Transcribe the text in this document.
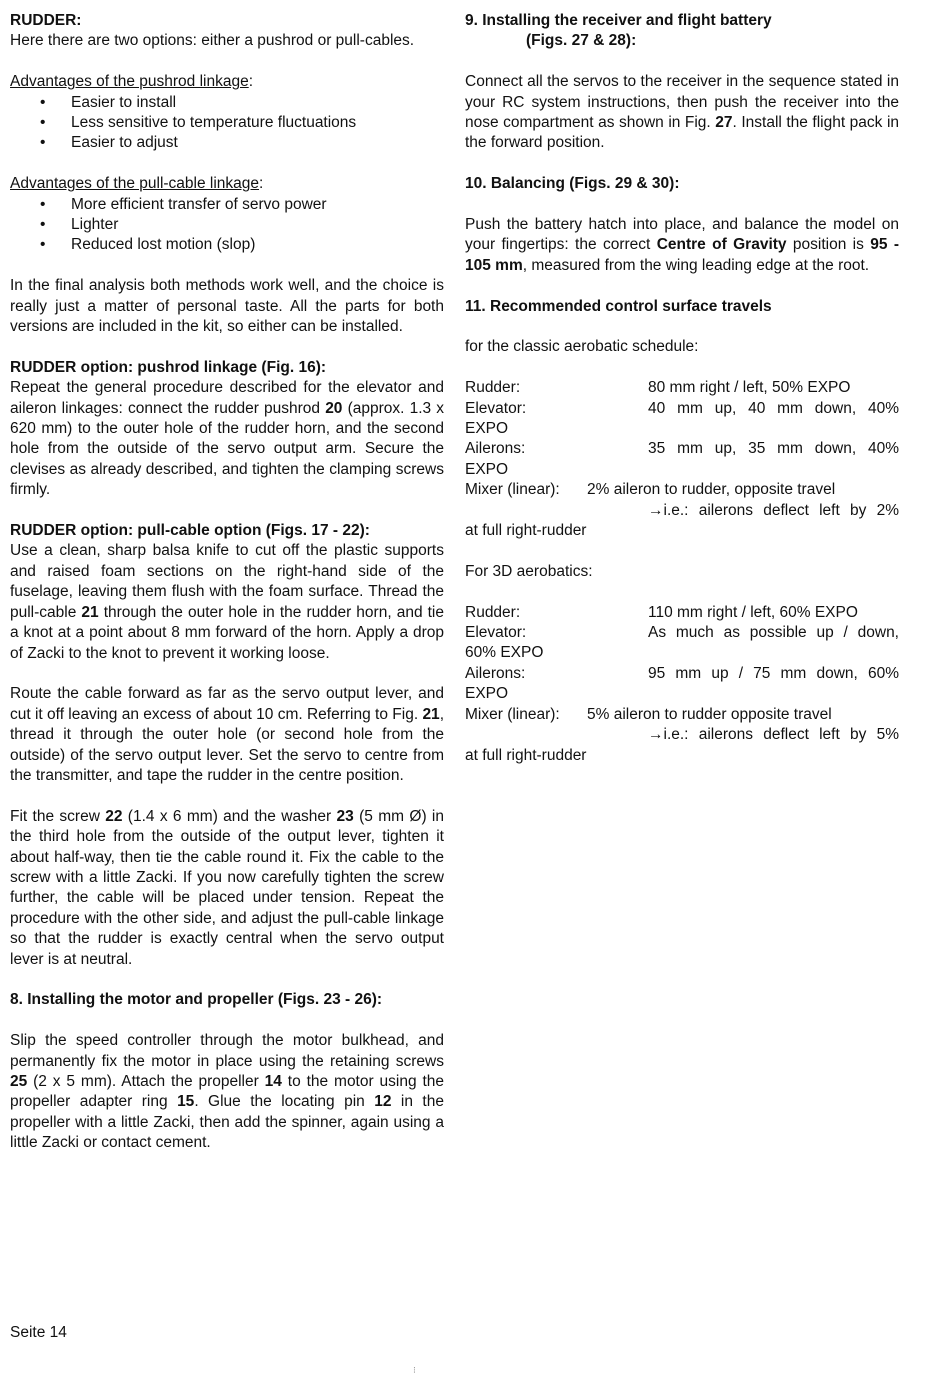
RUDDER:

Here there are two options: either a pushrod or pull-cables.

Advantages of the pushrod linkage:

• Easier to install
• Less sensitive to temperature fluctuations
• Easier to adjust

Advantages of the pull-cable linkage:

• More efficient transfer of servo power
• Lighter
• Reduced lost motion (slop)

In the final analysis both methods work well, and the choice is really just a matter of personal taste. All the parts for both versions are included in the kit, so either can be installed.

RUDDER option: pushrod linkage (Fig. 16):

Repeat the general procedure described for the elevator and aileron linkages: connect the rudder pushrod 20 (approx. 1.3 x 620 mm) to the outer hole of the rudder horn, and the second hole from the outside of the servo output arm. Secure the clevises as already described, and tighten the clamping screws firmly.

RUDDER option: pull-cable option (Figs. 17 - 22):

Use a clean, sharp balsa knife to cut off the plastic supports and raised foam sections on the right-hand side of the fuselage, leaving them flush with the foam surface. Thread the pull-cable 21 through the outer hole in the rudder horn, and tie a knot at a point about 8 mm forward of the horn. Apply a drop of Zacki to the knot to prevent it working loose.

Route the cable forward as far as the servo output lever, and cut it off leaving an excess of about 10 cm. Referring to Fig. 21, thread it through the outer hole (or second hole from the outside) of the servo output lever. Set the servo to centre from the transmitter, and tape the rudder in the centre position.

Fit the screw 22 (1.4 x 6 mm) and the washer 23 (5 mm Ø) in the third hole from the outside of the output lever, tighten it about half-way, then tie the cable round it. Fix the cable to the screw with a little Zacki. If you now carefully tighten the screw further, the cable will be placed under tension. Repeat the procedure with the other side, and adjust the pull-cable linkage so that the rudder is exactly central when the servo output lever is at neutral.

8. Installing the motor and propeller (Figs. 23 - 26):

Slip the speed controller through the motor bulkhead, and permanently fix the motor in place using the retaining screws 25 (2 x 5 mm). Attach the propeller 14 to the motor using the propeller adapter ring 15. Glue the locating pin 12 in the propeller with a little Zacki, then add the spinner, again using a little Zacki or contact cement.

9. Installing the receiver and flight battery

(Figs. 27 & 28):

Connect all the servos to the receiver in the sequence stated in your RC system instructions, then push the receiver into the nose compartment as shown in Fig. 27. Install the flight pack in the forward position.

10. Balancing (Figs. 29 & 30):

Push the battery hatch into place, and balance the model on your fingertips: the correct Centre of Gravity position is 95 - 105 mm, measured from the wing leading edge at the root.

11. Recommended control surface travels

for the classic aerobatic schedule:

Rudder:	80 mm right / left, 50% EXPO
Elevator:	40 mm up, 40 mm down, 40%

EXPO

Ailerons:	35 mm up, 35 mm down, 40%

EXPO

Mixer (linear):	2% aileron to rudder, opposite travel
→i.e.: ailerons deflect left by 2%

at full right-rudder

For 3D aerobatics:

Rudder:	110 mm right / left, 60% EXPO
Elevator:	As much as possible up / down,

60% EXPO

Ailerons:	95 mm up / 75 mm down, 60%

EXPO

Mixer (linear):	5% aileron to rudder opposite travel
→i.e.: ailerons deflect left by 5%

at full right-rudder

Seite 14
⁝
